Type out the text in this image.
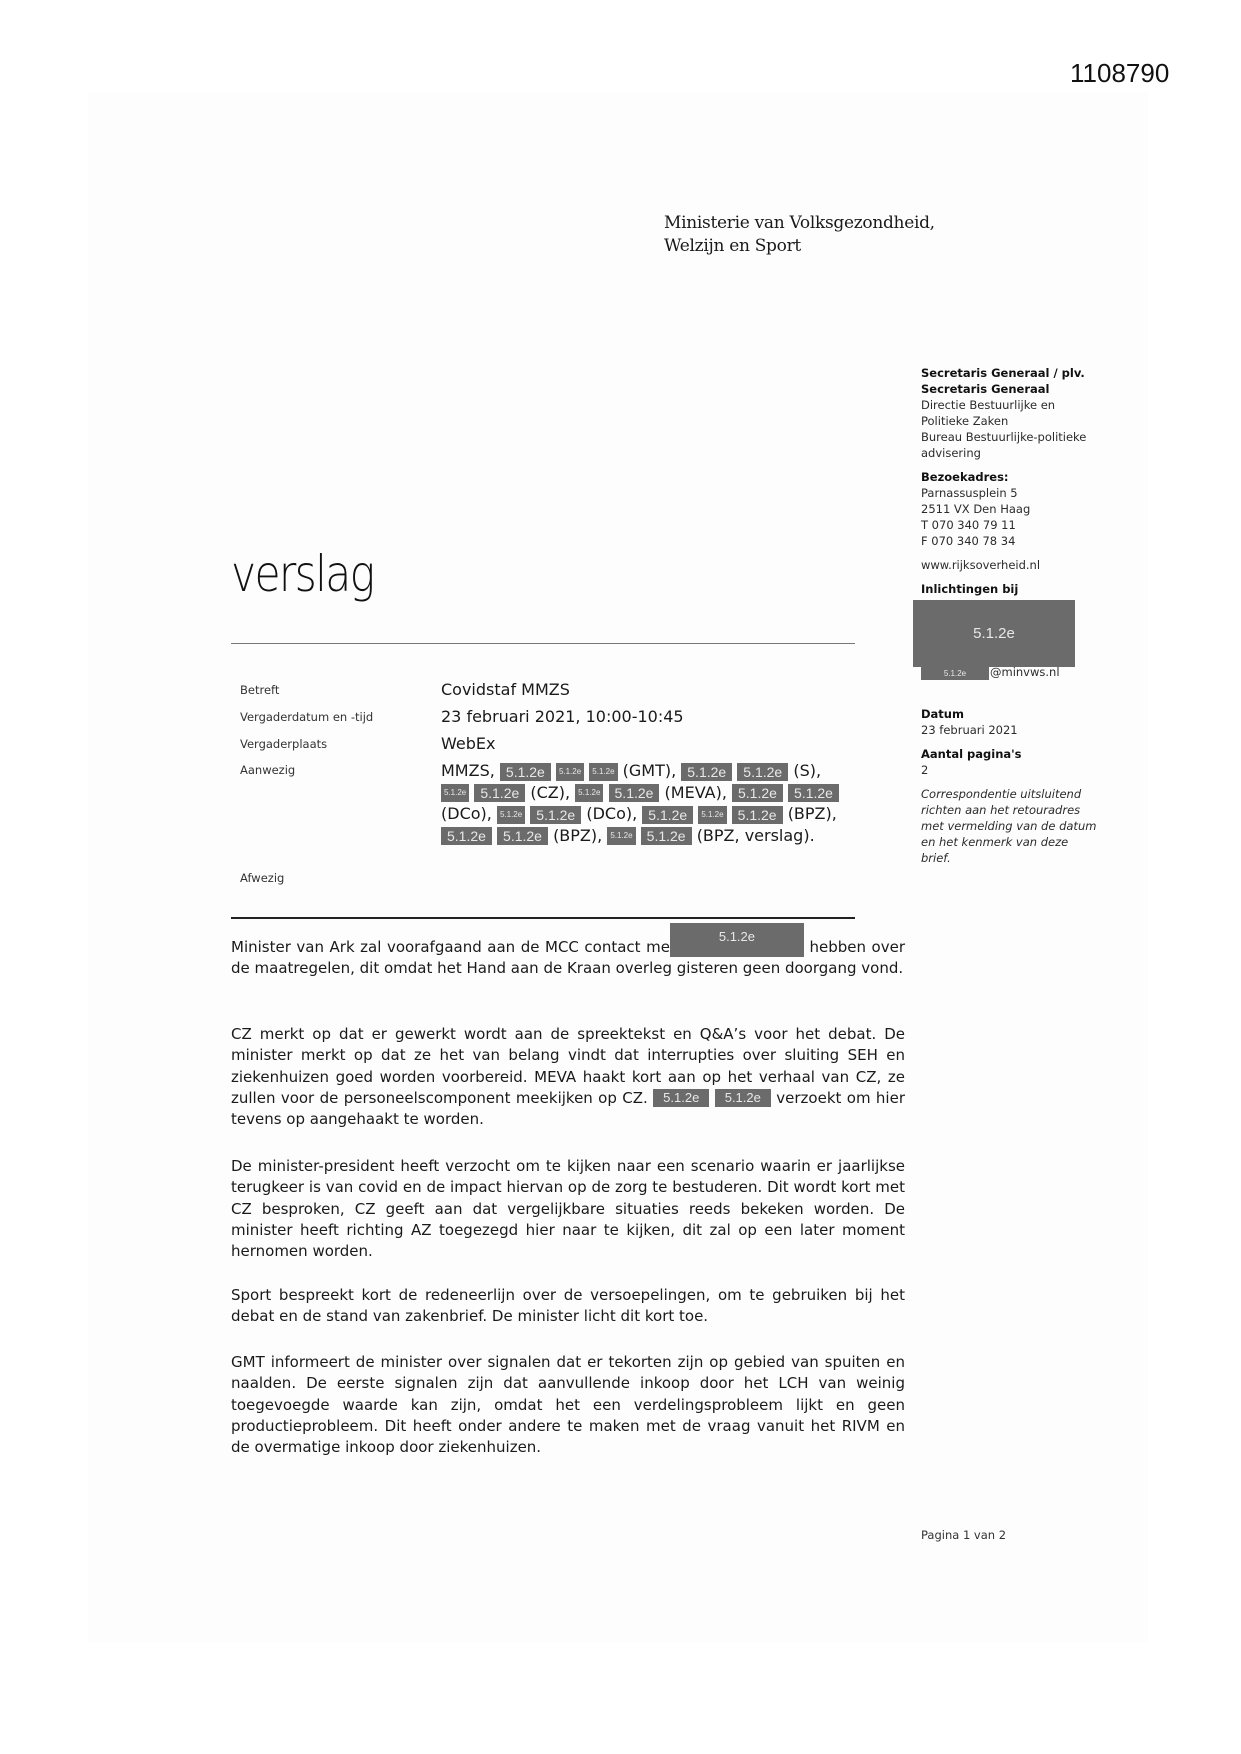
1108790
Ministerie van Volksgezondheid,
Welzijn en Sport
Secretaris Generaal / plv.
Secretaris Generaal
Directie Bestuurlijke en
Politieke Zaken
Bureau Bestuurlijke-politieke
advisering
Bezoekadres:
Parnassusplein 5
2511 VX Den Haag
T 070 340 79 11
F 070 340 78 34
www.rijksoverheid.nl
Inlichtingen bij
5.1.2e
5.1.2e	@minvws.nl
Datum
23 februari 2021
Aantal pagina's
2
Correspondentie uitsluitend
richten aan het retouradres
met vermelding van de datum
en het kenmerk van deze
brief.
verslag
Betreft	Covidstaf MMZS
Vergaderdatum en -tijd	23 februari 2021, 10:00-10:45
Vergaderplaats	WebEx
Aanwezig	MMZS, 5.1.2e 5.1.2e 5.1.2e (GMT), 5.1.2e 5.1.2e (S), 5.1.2e 5.1.2e (CZ), 5.1.2e 5.1.2e (MEVA), 5.1.2e 5.1.2e (DCo), 5.1.2e 5.1.2e (DCo), 5.1.2e 5.1.2e 5.1.2e (BPZ), 5.1.2e 5.1.2e (BPZ), 5.1.2e 5.1.2e (BPZ, verslag).
Afwezig
Minister van Ark zal voorafgaand aan de MCC contact me5.1.2e hebben over de maatregelen, dit omdat het Hand aan de Kraan overleg gisteren geen doorgang vond.
CZ merkt op dat er gewerkt wordt aan de spreektekst en Q&A’s voor het debat. De minister merkt op dat ze het van belang vindt dat interrupties over sluiting SEH en ziekenhuizen goed worden voorbereid. MEVA haakt kort aan op het verhaal van CZ, ze zullen voor de personeelscomponent meekijken op CZ. 5.1.2e 5.1.2e verzoekt om hier tevens op aangehaakt te worden.
De minister-president heeft verzocht om te kijken naar een scenario waarin er jaarlijkse terugkeer is van covid en de impact hiervan op de zorg te bestuderen. Dit wordt kort met CZ besproken, CZ geeft aan dat vergelijkbare situaties reeds bekeken worden. De minister heeft richting AZ toegezegd hier naar te kijken, dit zal op een later moment hernomen worden.
Sport bespreekt kort de redeneerlijn over de versoepelingen, om te gebruiken bij het debat en de stand van zakenbrief. De minister licht dit kort toe.
GMT informeert de minister over signalen dat er tekorten zijn op gebied van spuiten en naalden. De eerste signalen zijn dat aanvullende inkoop door het LCH van weinig toegevoegde waarde kan zijn, omdat het een verdelingsprobleem lijkt en geen productieprobleem. Dit heeft onder andere te maken met de vraag vanuit het RIVM en de overmatige inkoop door ziekenhuizen.
Pagina 1 van 2
